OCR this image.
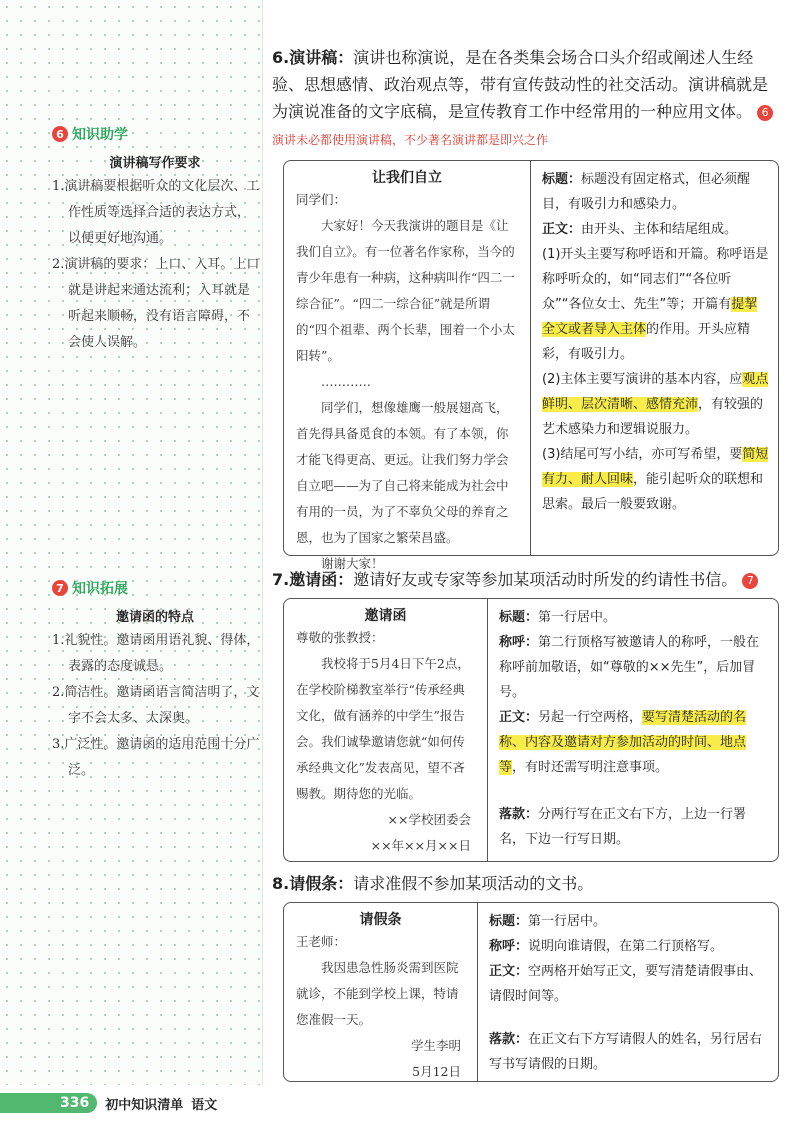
6 知识助学
演讲稿写作要求

1.演讲稿要根据听众的文化层次、工作性质等选择合适的表达方式，以便更好地沟通。

2.演讲稿的要求：上口、入耳。上口就是讲起来通达流利；入耳就是听起来顺畅，没有语言障碍，不会使人误解。

7 知识拓展
邀请函的特点

1.礼貌性。邀请函用语礼貌、得体，表露的态度诚恳。

2.简洁性。邀请函语言简洁明了，文字不会太多、太深奥。

3.广泛性。邀请函的适用范围十分广泛。

6.演讲稿：演讲也称演说，是在各类集会场合口头介绍或阐述人生经验、思想感情、政治观点等，带有宣传鼓动性的社交活动。演讲稿就是为演说准备的文字底稿，是宣传教育工作中经常用的一种应用文体。 6 演讲未必都使用演讲稿，不少著名演讲都是即兴之作
让我们自立

同学们：

大家好！今天我演讲的题目是《让我们自立》。有一位著名作家称，当今的青少年患有一种病，这种病叫作“四二一综合征”。“四二一综合征”就是所谓的“四个祖辈、两个长辈，围着一个小太阳转”。

…………

同学们，想像雄鹰一般展翅高飞，首先得具备觅食的本领。有了本领，你才能飞得更高、更远。让我们努力学会自立吧——为了自己将来能成为社会中有用的一员，为了不辜负父母的养育之恩，也为了国家之繁荣昌盛。

谢谢大家！

标题：标题没有固定格式，但必须醒目，有吸引力和感染力。

正文：由开头、主体和结尾组成。

(1)开头主要写称呼语和开篇。称呼语是称呼听众的，如“同志们”“各位听众”“各位女士、先生”等；开篇有提挈全文或者导入主体的作用。开头应精彩，有吸引力。

(2)主体主要写演讲的基本内容，应观点鲜明、层次清晰、感情充沛，有较强的艺术感染力和逻辑说服力。

(3)结尾可写小结，亦可写希望，要简短有力、耐人回味，能引起听众的联想和思索。最后一般要致谢。

7.邀请函：邀请好友或专家等参加某项活动时所发的约请性书信。 7
邀请函

尊敬的张教授：

我校将于5月4日下午2点，在学校阶梯教室举行“传承经典文化，做有涵养的中学生”报告会。我们诚挚邀请您就“如何传承经典文化”发表高见，望不吝赐教。期待您的光临。

××学校团委会

××年××月××日

标题：第一行居中。

称呼：第二行顶格写被邀请人的称呼，一般在称呼前加敬语，如“尊敬的××先生”，后加冒号。

正文：另起一行空两格，要写清楚活动的名称、内容及邀请对方参加活动的时间、地点等，有时还需写明注意事项。

落款：分两行写在正文右下方，上边一行署名，下边一行写日期。

8.请假条：请求准假不参加某项活动的文书。
请假条

王老师：

我因患急性肠炎需到医院就诊，不能到学校上课，特请您准假一天。

学生李明

5月12日

标题：第一行居中。

称呼：说明向谁请假，在第二行顶格写。

正文：空两格开始写正文，要写清楚请假事由、请假时间等。

落款：在正文右下方写请假人的姓名，另行居右写书写请假的日期。

336	初中知识清单 语文
